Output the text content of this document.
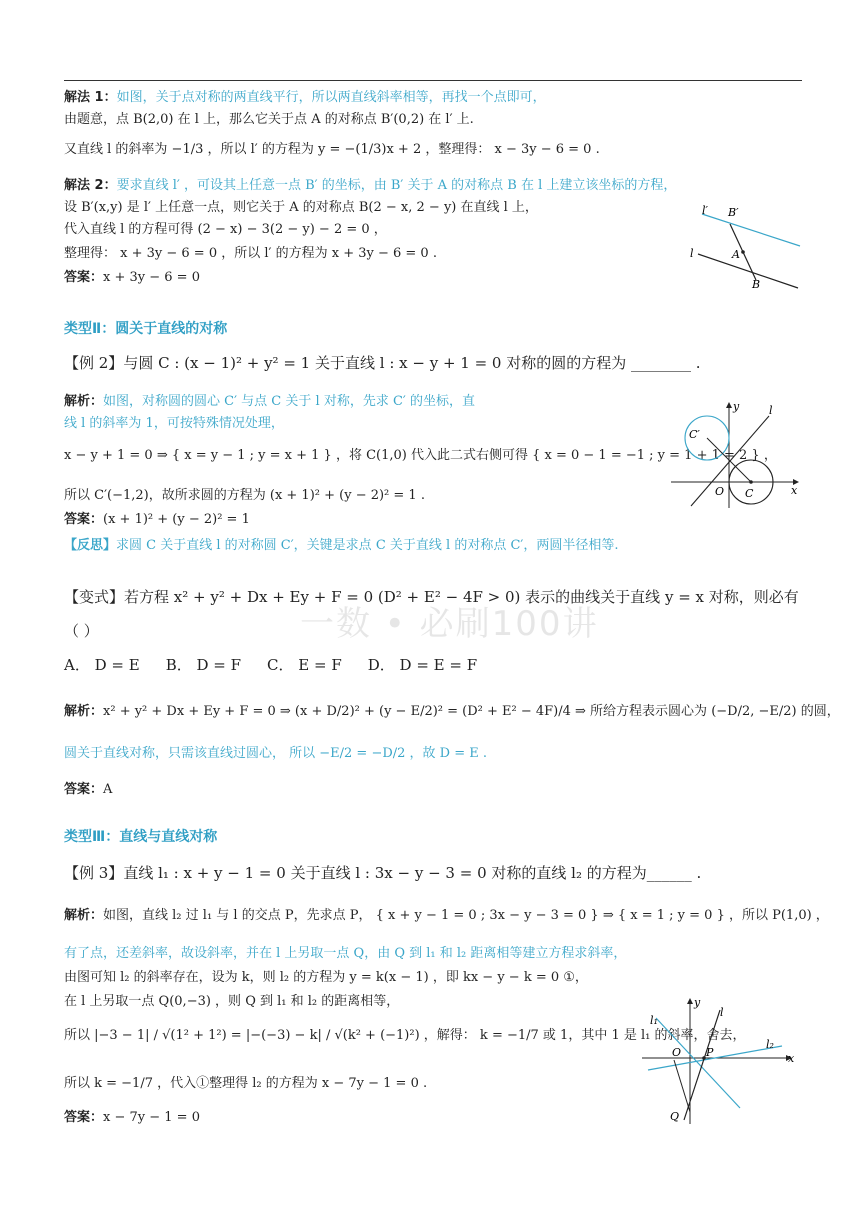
一数 • 必刷100讲
解法 1：如图，关于点对称的两直线平行，所以两直线斜率相等，再找一个点即可，
由题意，点 B(2,0) 在 l 上，那么它关于点 A 的对称点 B′(0,2) 在 l′ 上.
又直线 l 的斜率为 −1/3 ，所以 l′ 的方程为 y = −(1/3)x + 2 ，整理得： x − 3y − 6 = 0 .
解法 2：要求直线 l′ ，可设其上任意一点 B′ 的坐标，由 B′ 关于 A 的对称点 B 在 l 上建立该坐标的方程，
设 B′(x,y) 是 l′ 上任意一点，则它关于 A 的对称点 B(2 − x, 2 − y) 在直线 l 上，
代入直线 l 的方程可得 (2 − x) − 3(2 − y) − 2 = 0 ，
整理得： x + 3y − 6 = 0 ，所以 l′ 的方程为 x + 3y − 6 = 0 .
答案：x + 3y − 6 = 0
l′ B′
l	A
B
类型Ⅱ：圆关于直线的对称
【例 2】与圆 C : (x − 1)² + y² = 1 关于直线 l : x − y + 1 = 0 对称的圆的方程为 ________ .
解析：如图，对称圆的圆心 C′ 与点 C 关于 l 对称，先求 C′ 的坐标，直
线 l 的斜率为 1，可按特殊情况处理，
x − y + 1 = 0 ⇒ { x = y − 1 ; y = x + 1 } ，将 C(1,0) 代入此二式右侧可得 { x = 0 − 1 = −1 ; y = 1 + 1 = 2 } ，
所以 C′(−1,2)，故所求圆的方程为 (x + 1)² + (y − 2)² = 1 .
答案：(x + 1)² + (y − 2)² = 1
【反思】求圆 C 关于直线 l 的对称圆 C′，关键是求点 C 关于直线 l 的对称点 C′，两圆半径相等.
y	l
C′
O C	x
【变式】若方程 x² + y² + Dx + Ey + F = 0 (D² + E² − 4F > 0) 表示的曲线关于直线 y = x 对称，则必有
（ ）
A． D = E B． D = F C． E = F D． D = E = F
解析：x² + y² + Dx + Ey + F = 0 ⇒ (x + D/2)² + (y − E/2)² = (D² + E² − 4F)/4 ⇒ 所给方程表示圆心为 (−D/2, −E/2) 的圆，
圆关于直线对称，只需该直线过圆心， 所以 −E/2 = −D/2 ，故 D = E .
答案：A
类型Ⅲ：直线与直线对称
【例 3】直线 l₁ : x + y − 1 = 0 关于直线 l : 3x − y − 3 = 0 对称的直线 l₂ 的方程为______ .
解析：如图，直线 l₂ 过 l₁ 与 l 的交点 P，先求点 P， { x + y − 1 = 0 ; 3x − y − 3 = 0 } ⇒ { x = 1 ; y = 0 } ，所以 P(1,0) ，
有了点，还差斜率，故设斜率，并在 l 上另取一点 Q，由 Q 到 l₁ 和 l₂ 距离相等建立方程求斜率，
由图可知 l₂ 的斜率存在，设为 k，则 l₂ 的方程为 y = k(x − 1) ，即 kx − y − k = 0 ①，
在 l 上另取一点 Q(0,−3) ，则 Q 到 l₁ 和 l₂ 的距离相等，
所以 |−3 − 1| / √(1² + 1²) = |−(−3) − k| / √(k² + (−1)²) ，解得： k = −1/7 或 1，其中 1 是 l₁ 的斜率，舍去，
所以 k = −1/7 ，代入①整理得 l₂ 的方程为 x − 7y − 1 = 0 .
答案：x − 7y − 1 = 0
y
l₁
l
l₂
O P	x
Q
